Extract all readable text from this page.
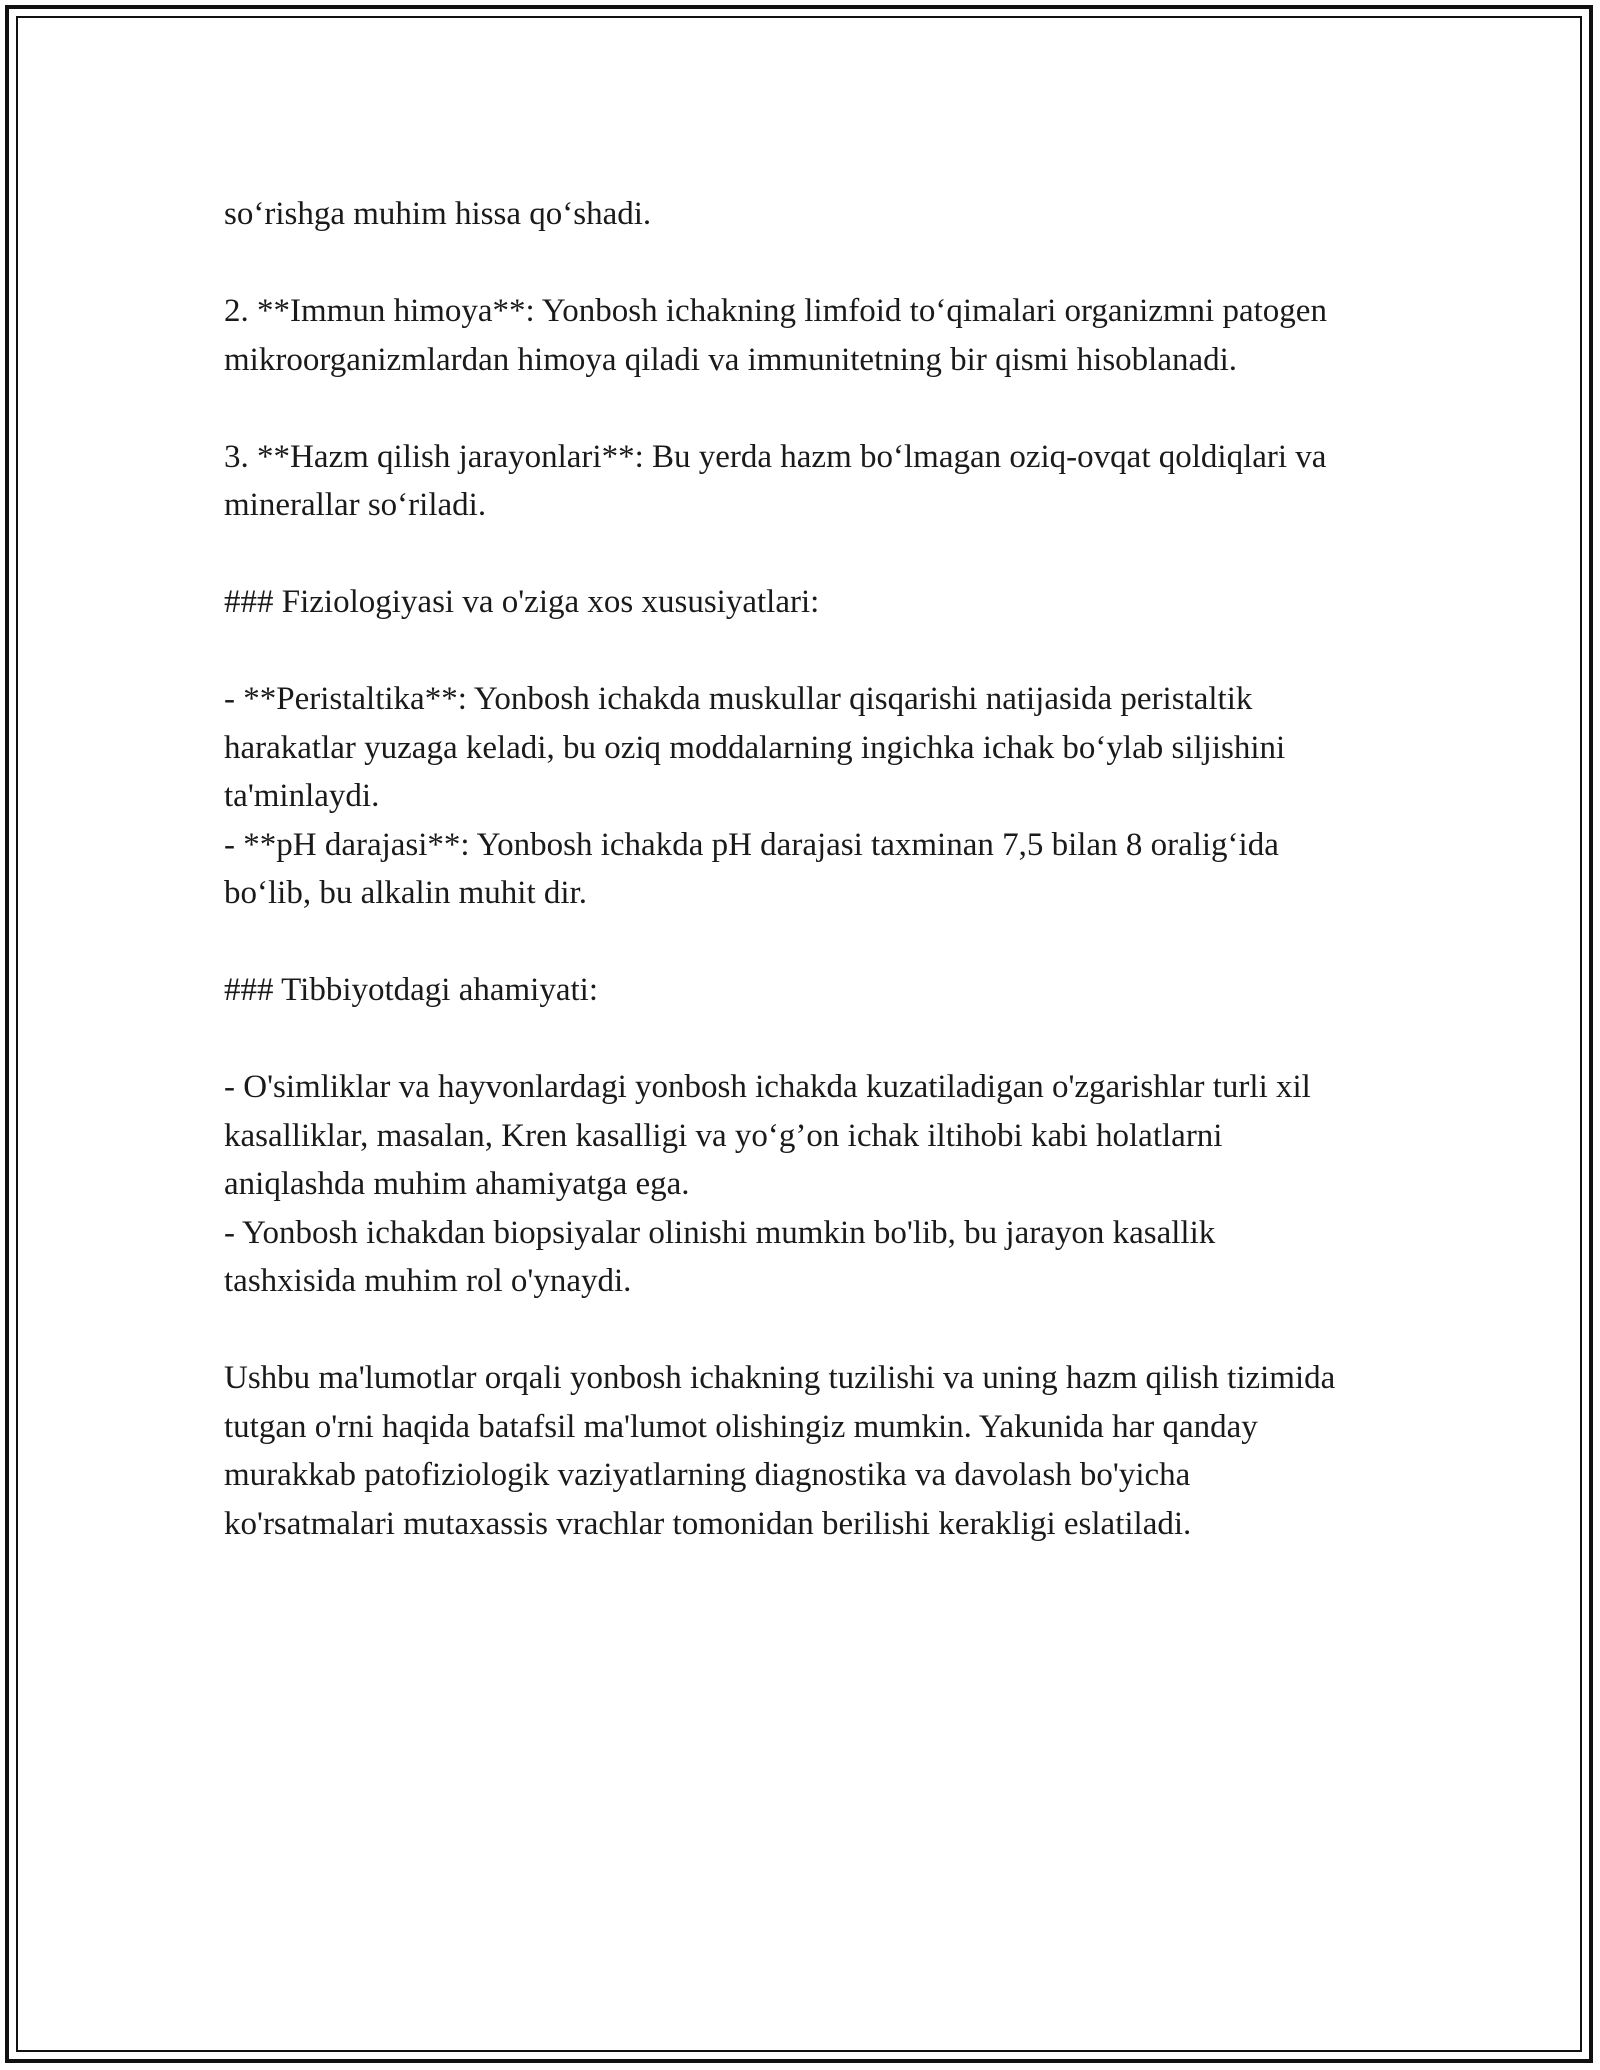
so‘rishga muhim hissa qo‘shadi.

2. **Immun himoya**: Yonbosh ichakning limfoid to‘qimalari organizmni patogen mikroorganizmlardan himoya qiladi va immunitetning bir qismi hisoblanadi.

3. **Hazm qilish jarayonlari**: Bu yerda hazm bo‘lmagan oziq-ovqat qoldiqlari va minerallar so‘riladi.

### Fiziologiyasi va o'ziga xos xususiyatlari:

- **Peristaltika**: Yonbosh ichakda muskullar qisqarishi natijasida peristaltik harakatlar yuzaga keladi, bu oziq moddalarning ingichka ichak bo‘ylab siljishini ta'minlaydi.

- **pH darajasi**: Yonbosh ichakda pH darajasi taxminan 7,5 bilan 8 oralig‘ida bo‘lib, bu alkalin muhit dir.

### Tibbiyotdagi ahamiyati:

- O'simliklar va hayvonlardagi yonbosh ichakda kuzatiladigan o'zgarishlar turli xil kasalliklar, masalan, Kren kasalligi va yo‘g’on ichak iltihobi kabi holatlarni aniqlashda muhim ahamiyatga ega.

- Yonbosh ichakdan biopsiyalar olinishi mumkin bo'lib, bu jarayon kasallik tashxisida muhim rol o'ynaydi.

Ushbu ma'lumotlar orqali yonbosh ichakning tuzilishi va uning hazm qilish tizimida tutgan o'rni haqida batafsil ma'lumot olishingiz mumkin. Yakunida har qanday murakkab patofiziologik vaziyatlarning diagnostika va davolash bo'yicha ko'rsatmalari mutaxassis vrachlar tomonidan berilishi kerakligi eslatiladi.
